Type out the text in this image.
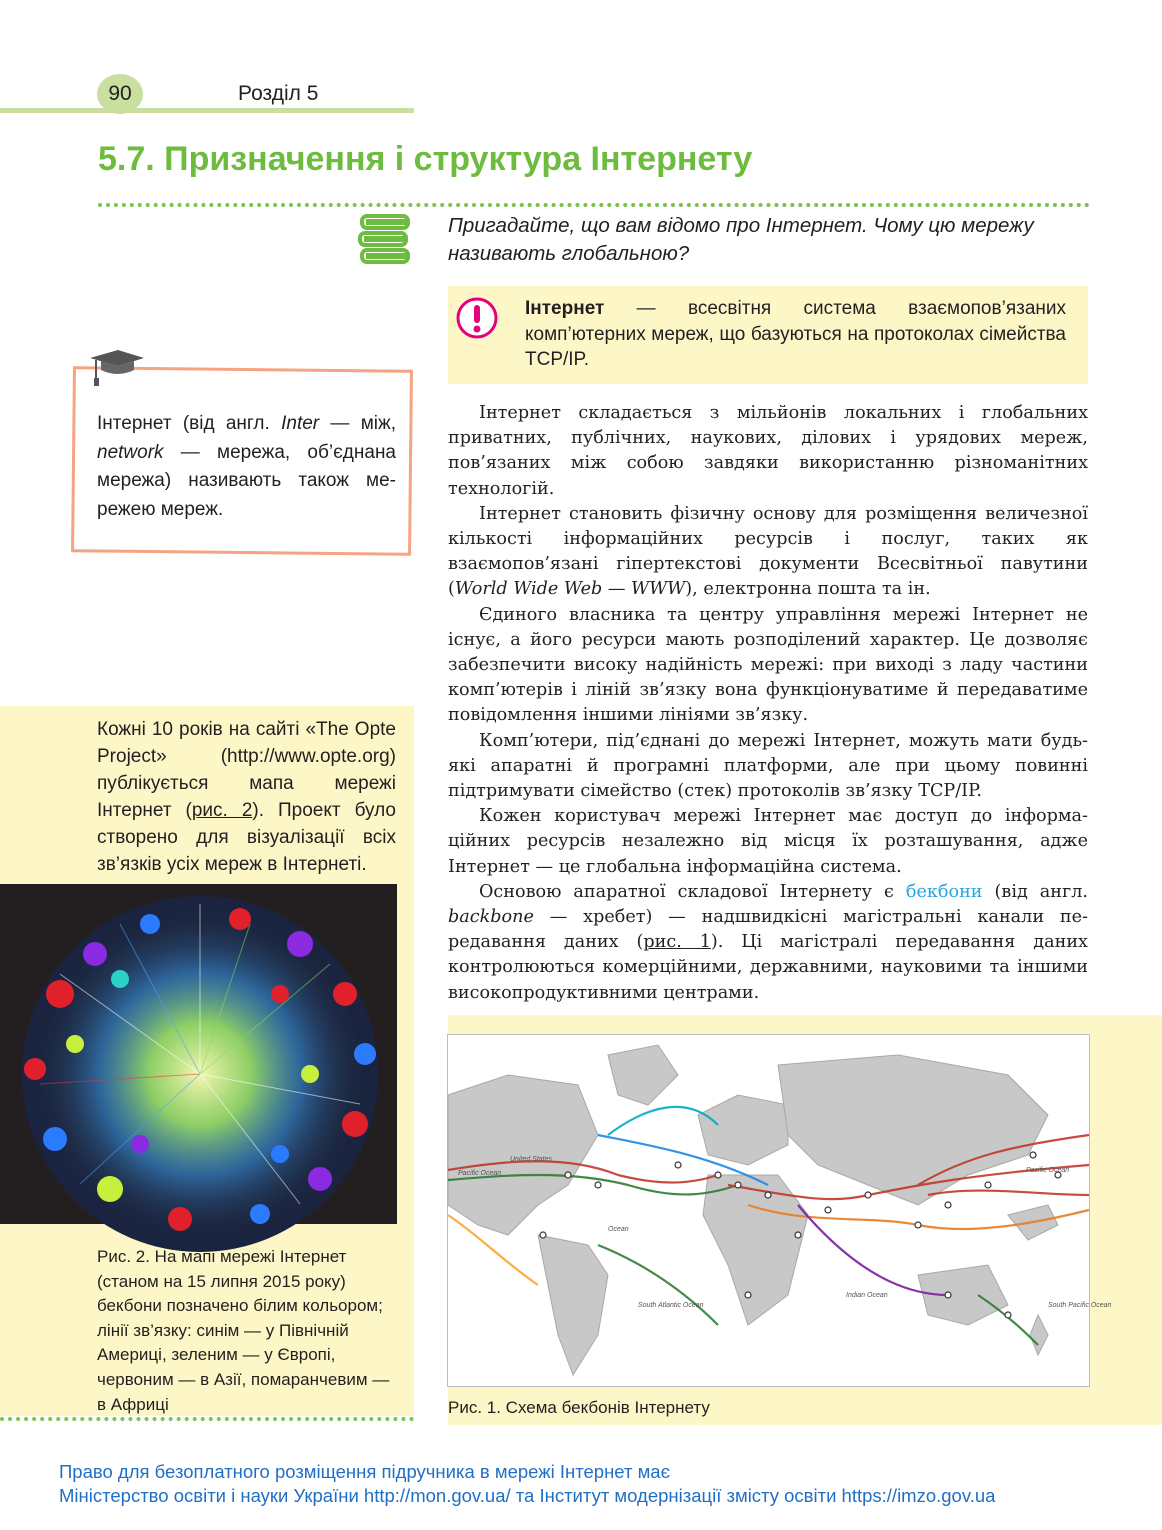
90	Розділ 5
5.7. Призначення і структура Інтернету
Пригадайте, що вам відомо про Інтернет. Чому цю мережу називають глобальною?
Інтернет — всесвітня система взаємопов’язаних комп’ютерних мереж, що базуються на протоколах сімейства TCP/IP.
Інтернет (від англ. Inter — між, network — мережа, об’єднана мережа) називають також мережею мереж.

Інтернет складається з мільйонів локальних і глобальних приватних, публічних, наукових, ділових і урядових мереж, пов’язаних між собою завдяки використанню різноманітних технологій.

Інтернет становить фізичну основу для розміщення величезної кількості інформаційних ресурсів і послуг, таких як взаємопов’язані гіпертекстові документи Всесвітньої павутини (World Wide Web — WWW), електронна пошта та ін.

Єдиного власника та центру управління мережі Інтернет не існує, а його ресурси мають розподілений характер. Це дозволяє забезпечити високу надійність мережі: при виході з ладу частини комп’ютерів і ліній зв’язку вона функціонуватиме й передаватиме повідомлення іншими лініями зв’язку.

Комп’ютери, під’єднані до мережі Інтернет, можуть мати будь-які апаратні й програмні платформи, але при цьому повинні підтримувати сімейство (стек) протоколів зв’язку TCP/IP.

Кожен користувач мережі Інтернет має доступ до інформаційних ресурсів незалежно від місця їх розташування, адже Інтернет — це глобальна інформаційна система.

Основою апаратної складової Інтернету є бекбони (від англ. backbone — хребет) — надшвидкісні магістральні канали передавання даних (рис. 1). Ці магістралі передавання даних контролюються комерційними, державними, науковими та іншими високопродуктивними центрами.

Кожні 10 років на сайті «The Opte Project» (http://www.opte.org) публікується мапа мережі Інтернет (рис. 2). Проект було створено для візуалізації всіх зв’язків усіх мереж в Інтернеті.
Рис. 2. На мапі мережі Інтернет (станом на 15 липня 2015 року) бекбони позначено білим кольором; лінії зв’язку: синім — у Північній Америці, зеленим — у Європі, червоним — в Азії, помаранчевим — в Африці
Pacific Ocean
Pacific Ocean
Indian Ocean
South Atlantic Ocean	South Pacific Ocean
United States
Ocean
Рис. 1. Схема бекбонів Інтернету
Право для безоплатного розміщення підручника в мережі Інтернет має
Міністерство освіти і науки України http://mon.gov.ua/ та Інститут модернізації змісту освіти https://imzo.gov.ua
